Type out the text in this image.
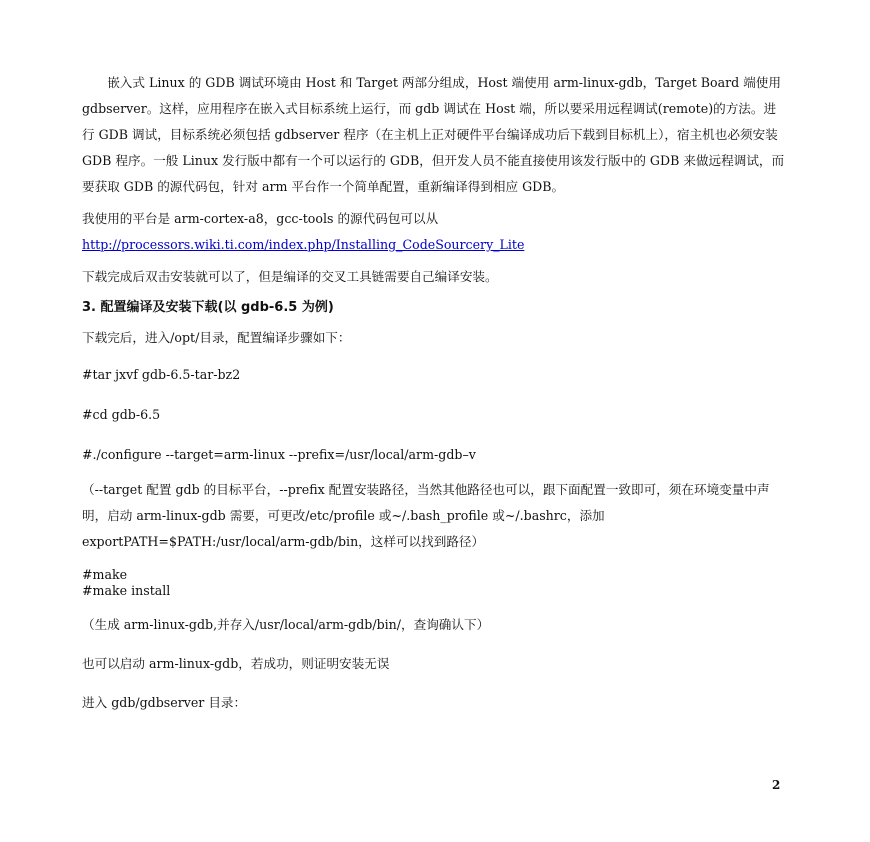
嵌入式 Linux 的 GDB 调试环境由 Host 和 Target 两部分组成，Host 端使用 arm-linux-gdb，Target Board 端使用 gdbserver。这样，应用程序在嵌入式目标系统上运行，而 gdb 调试在 Host 端，所以要采用远程调试(remote)的方法。进行 GDB 调试，目标系统必须包括 gdbserver 程序（在主机上正对硬件平台编译成功后下载到目标机上），宿主机也必须安装 GDB 程序。一般 Linux 发行版中都有一个可以运行的 GDB，但开发人员不能直接使用该发行版中的 GDB 来做远程调试，而要获取 GDB 的源代码包，针对 arm 平台作一个简单配置，重新编译得到相应 GDB。

我使用的平台是 arm-cortex-a8，gcc-tools 的源代码包可以从

http://processors.wiki.ti.com/index.php/Installing_CodeSourcery_Lite

下载完成后双击安装就可以了，但是编译的交叉工具链需要自己编译安装。

3. 配置编译及安装下载(以 gdb-6.5 为例)

下载完后，进入/opt/目录，配置编译步骤如下：

#tar jxvf gdb-6.5-tar-bz2

#cd gdb-6.5

#./configure --target=arm-linux --prefix=/usr/local/arm-gdb–v

（--target 配置 gdb 的目标平台，--prefix 配置安装路径，当然其他路径也可以，跟下面配置一致即可，须在环境变量中声明，启动 arm-linux-gdb 需要，可更改/etc/profile 或~/.bash_profile 或~/.bashrc，添加 exportPATH=$PATH:/usr/local/arm-gdb/bin，这样可以找到路径）

#make

#make install

（生成 arm-linux-gdb,并存入/usr/local/arm-gdb/bin/，查询确认下）

也可以启动 arm-linux-gdb，若成功，则证明安装无误

进入 gdb/gdbserver 目录：

2
